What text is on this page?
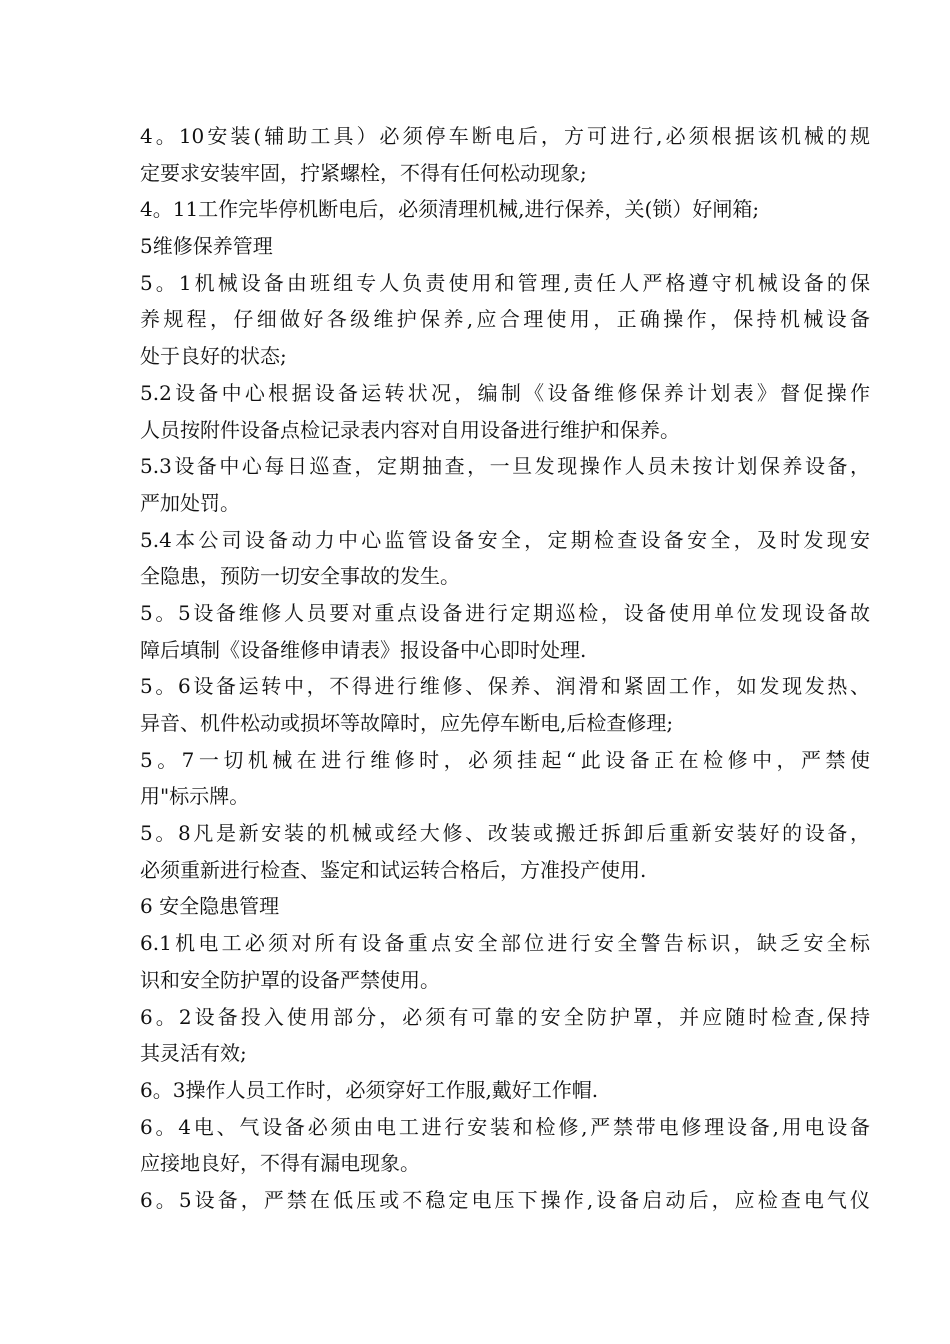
4。10安装(辅助工具）必须停车断电后，方可进行,必须根据该机械的规
定要求安装牢固，拧紧螺栓，不得有任何松动现象;
4。11工作完毕停机断电后，必须清理机械,进行保养，关(锁）好闸箱;
5维修保养管理
5。1机械设备由班组专人负责使用和管理,责任人严格遵守机械设备的保
养规程，仔细做好各级维护保养,应合理使用，正确操作，保持机械设备
处于良好的状态;
5.2设备中心根据设备运转状况，编制《设备维修保养计划表》督促操作
人员按附件设备点检记录表内容对自用设备进行维护和保养。
5.3设备中心每日巡查，定期抽查，一旦发现操作人员未按计划保养设备，
严加处罚。
5.4本公司设备动力中心监管设备安全，定期检查设备安全，及时发现安
全隐患，预防一切安全事故的发生。
5。5设备维修人员要对重点设备进行定期巡检，设备使用单位发现设备故
障后填制《设备维修申请表》报设备中心即时处理.
5。6设备运转中，不得进行维修、保养、润滑和紧固工作，如发现发热、
异音、机件松动或损坏等故障时，应先停车断电,后检查修理;
5。7一切机械在进行维修时，必须挂起“此设备正在检修中，严禁使
用"标示牌。
5。8凡是新安装的机械或经大修、改装或搬迁拆卸后重新安装好的设备，
必须重新进行检查、鉴定和试运转合格后，方准投产使用.
6 安全隐患管理
6.1机电工必须对所有设备重点安全部位进行安全警告标识，缺乏安全标
识和安全防护罩的设备严禁使用。
6。2设备投入使用部分，必须有可靠的安全防护罩，并应随时检查,保持
其灵活有效;
6。3操作人员工作时，必须穿好工作服,戴好工作帽.
6。4电、气设备必须由电工进行安装和检修,严禁带电修理设备,用电设备
应接地良好，不得有漏电现象。
6。5设备，严禁在低压或不稳定电压下操作,设备启动后，应检查电气仪
